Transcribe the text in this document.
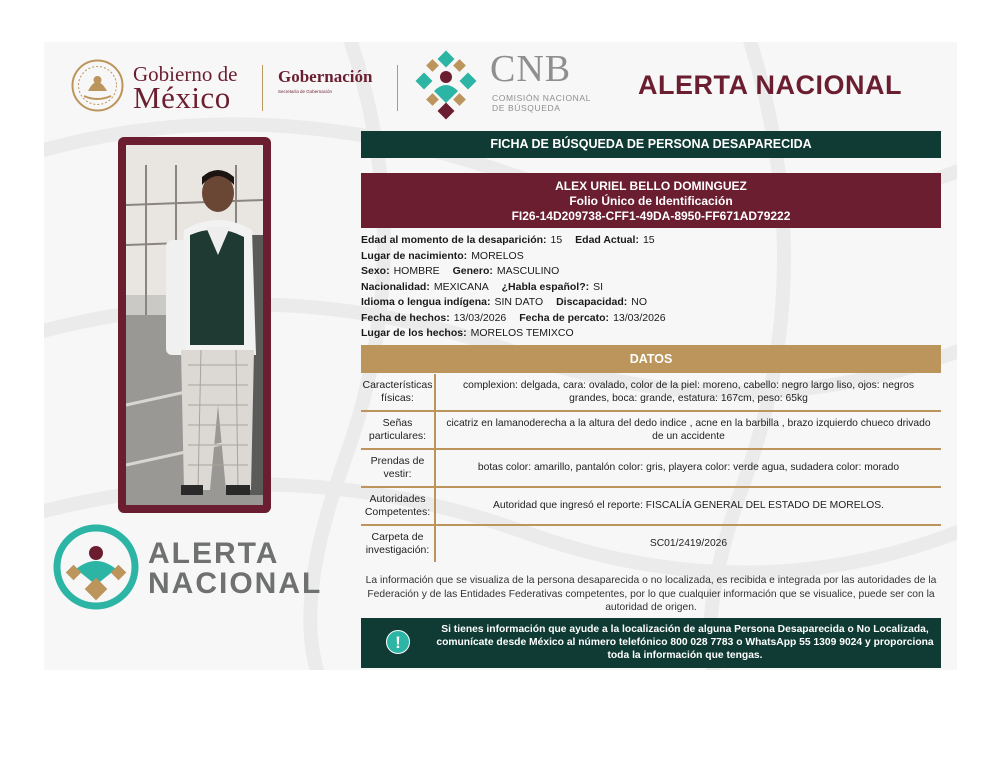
Gobierno de
México
Gobernación
Secretaría de Gobernación
CNB
COMISIÓN NACIONAL
DE BÚSQUEDA
ALERTA NACIONAL
ALERTA
NACIONAL
FICHA DE BÚSQUEDA DE PERSONA DESAPARECIDA
ALEX URIEL BELLO DOMINGUEZ
Folio Único de Identificación
FI26-14D209738-CFF1-49DA-8950-FF671AD79222
Edad al momento de la desaparición: 15 Edad Actual: 15
Lugar de nacimiento: MORELOS
Sexo: HOMBRE Genero: MASCULINO
Nacionalidad: MEXICANA ¿Habla español?: SI
Idioma o lengua indígena: SIN DATO Discapacidad: NO
Fecha de hechos: 13/03/2026 Fecha de percato: 13/03/2026
Lugar de los hechos: MORELOS TEMIXCO
DATOS
Características físicas:
complexion: delgada, cara: ovalado, color de la piel: moreno, cabello: negro largo liso, ojos: negros grandes, boca: grande, estatura: 167cm, peso: 65kg
Señas particulares:
cicatriz en lamanoderecha a la altura del dedo indice , acne en la barbilla , brazo izquierdo chueco drivado de un accidente
Prendas de vestir:
botas color: amarillo, pantalón color: gris, playera color: verde agua, sudadera color: morado
Autoridades Competentes:
Autoridad que ingresó el reporte: FISCALÍA GENERAL DEL ESTADO DE MORELOS.
Carpeta de investigación:
SC01/2419/2026
La información que se visualiza de la persona desaparecida o no localizada, es recibida e integrada por las autoridades de la Federación y de las Entidades Federativas competentes, por lo que cualquier información que se visualice, puede ser con la autoridad de origen.
!
Si tienes información que ayude a la localización de alguna Persona Desaparecida o No Localizada, comunícate desde México al número telefónico 800 028 7783 o WhatsApp 55 1309 9024 y proporciona toda la información que tengas.
